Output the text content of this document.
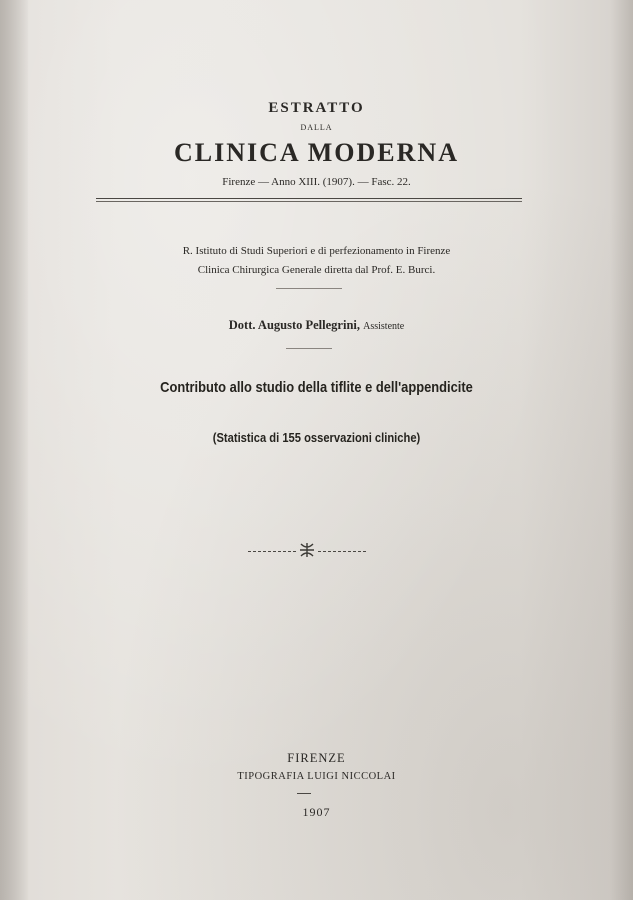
ESTRATTO
DALLA
CLINICA MODERNA
Firenze — Anno XIII. (1907). — Fasc. 22.
R. Istituto di Studi Superiori e di perfezionamento in Firenze
Clinica Chirurgica Generale diretta dal Prof. E. Burci.
Dott. Augusto Pellegrini, Assistente
Contributo allo studio della tiflite e dell'appendicite
(Statistica di 155 osservazioni cliniche)
FIRENZE
TIPOGRAFIA LUIGI NICCOLAI
1907
